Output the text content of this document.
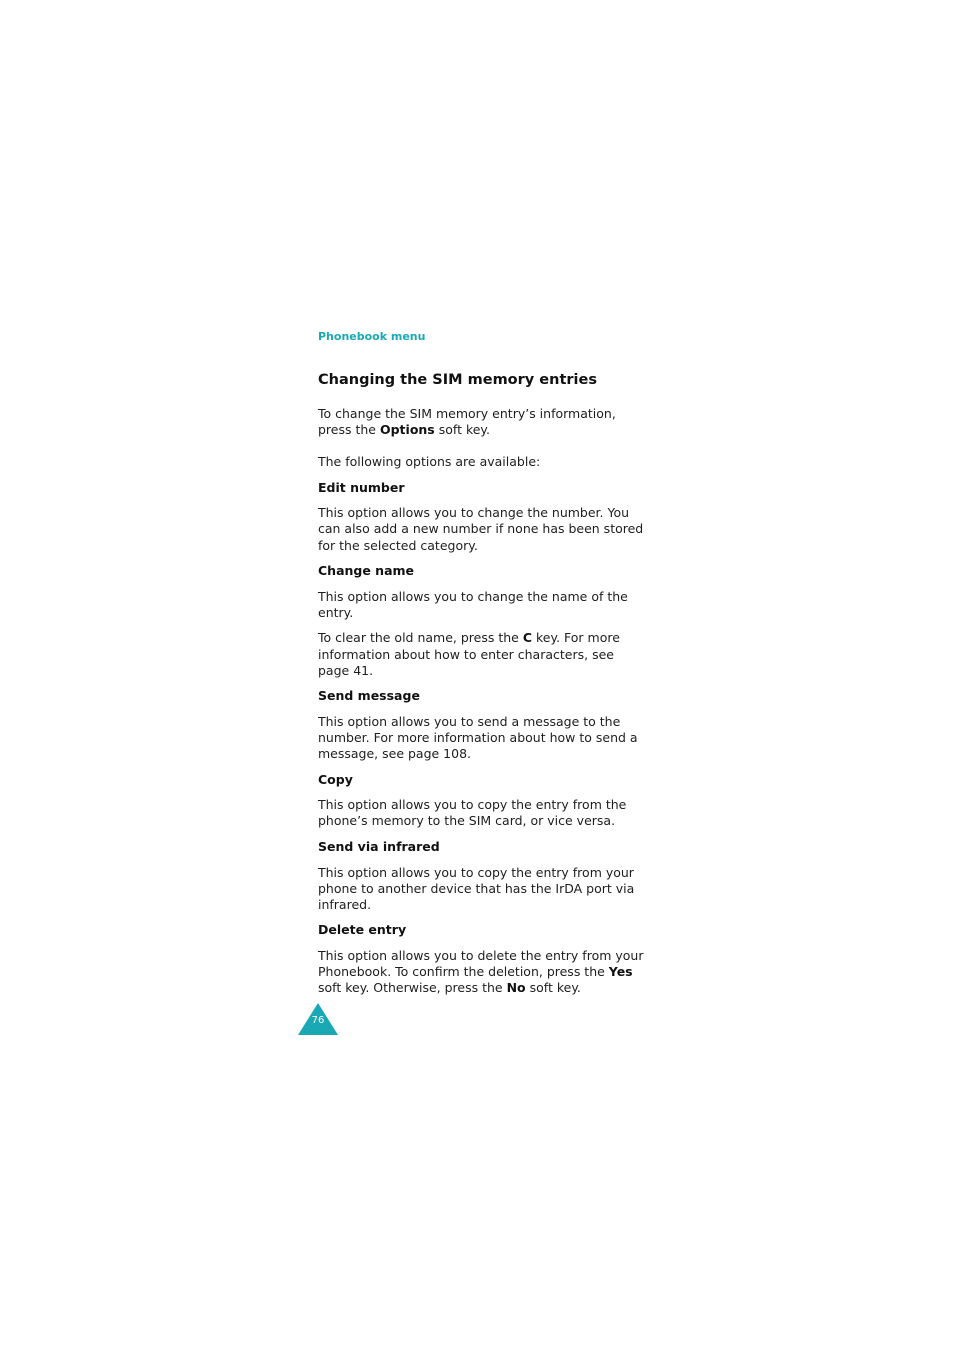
Phonebook menu
Changing the SIM memory entries
To change the SIM memory entry’s information,
press the Options soft key.
The following options are available:
Edit number
This option allows you to change the number. You
can also add a new number if none has been stored
for the selected category.
Change name
This option allows you to change the name of the
entry.
To clear the old name, press the C key. For more
information about how to enter characters, see
page 41.
Send message
This option allows you to send a message to the
number. For more information about how to send a
message, see page 108.
Copy
This option allows you to copy the entry from the
phone’s memory to the SIM card, or vice versa.
Send via infrared
This option allows you to copy the entry from your
phone to another device that has the IrDA port via
infrared.
Delete entry
This option allows you to delete the entry from your
Phonebook. To confirm the deletion, press the Yes
soft key. Otherwise, press the No soft key.
76
